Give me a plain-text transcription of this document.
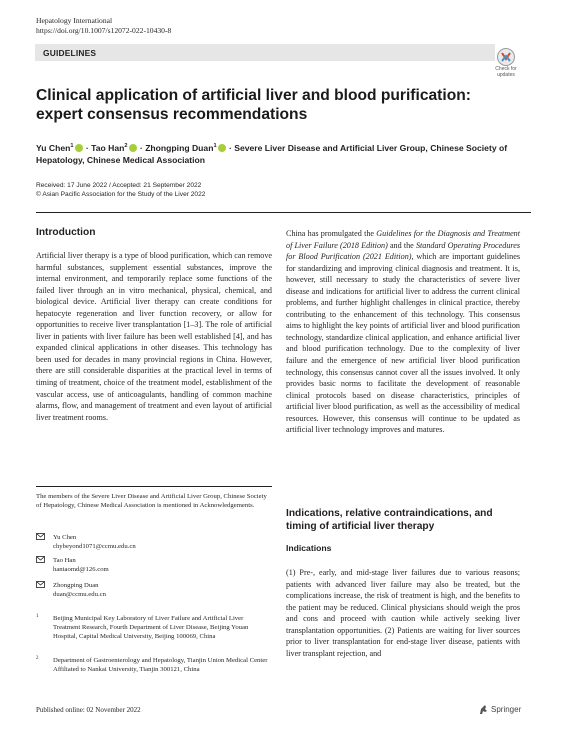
Hepatology International
https://doi.org/10.1007/s12072-022-10430-8
GUIDELINES
Check for updates
Clinical application of artificial liver and blood purification: expert consensus recommendations
Yu Chen$^1$ · Tao Han$^2$ · Zhongping Duan$^1$ · Severe Liver Disease and Artificial Liver Group, Chinese Society of Hepatology, Chinese Medical Association
Received: 17 June 2022 / Accepted: 21 September 2022
© Asian Pacific Association for the Study of the Liver 2022
Introduction
Artificial liver therapy is a type of blood purification, which can remove harmful substances, supplement essential substances, improve the internal environment, and temporarily replace some functions of the failed liver through an in vitro mechanical, physical, chemical, and biological device. Artificial liver therapy can create conditions for hepatocyte regeneration and liver function recovery, or allow for opportunities to receive liver transplantation [1–3]. The role of artificial liver in patients with liver failure has been well established [4], and has expanded clinical applications in other diseases. This technology has been used for decades in many provincial regions in China. However, there are still considerable disparities at the practical level in terms of timing of treatment, choice of the treatment model, establishment of the vascular access, use of anticoagulants, handling of common machine alarms, flow, and management of treatment and even layout of artificial liver treatment rooms.
China has promulgated the Guidelines for the Diagnosis and Treatment of Liver Failure (2018 Edition) and the Standard Operating Procedures for Blood Purification (2021 Edition), which are important guidelines for standardizing and improving clinical diagnosis and treatment. It is, however, still necessary to study the characteristics of severe liver disease and indications for artificial liver to address the current clinical problems, and further highlight challenges in clinical practice, thereby contributing to the enhancement of this technology. This consensus aims to highlight the key points of artificial liver and blood purification technology, standardize clinical application, and enhance artificial liver and blood purification technology. Due to the complexity of liver failure and the emergence of new artificial liver blood purification technology, this consensus cannot cover all the issues involved. It only provides basic norms to facilitate the development of reasonable clinical protocols based on disease characteristics, principles of artificial liver blood purification, as well as the accessibility of medical resources. However, this consensus will continue to be updated as artificial liver technology improves and matures.
The members of the Severe Liver Disease and Artificial Liver Group, Chinese Society of Hepatology, Chinese Medical Association is mentioned in Acknowledgements.
Yu Chen
chybeyond1071@ccmu.edu.cn
Tao Han
hantaomd@126.com
Zhongping Duan
duan@ccmu.edu.cn
1 Beijing Municipal Key Laboratory of Liver Failure and Artificial Liver Treatment Research, Fourth Department of Liver Disease, Beijing Youan Hospital, Capital Medical University, Beijing 100069, China
2 Department of Gastroenterology and Hepatology, Tianjin Union Medical Center Affiliated to Nankai University, Tianjin 300121, China
Indications, relative contraindications, and timing of artificial liver therapy
Indications
(1) Pre-, early, and mid-stage liver failures due to various reasons; patients with advanced liver failure may also be treated, but the complications increase, the risk of treatment is high, and the benefits to the patient may be reduced. Clinical physicians should weigh the pros and cons and proceed with caution while actively seeking liver transplantation opportunities. (2) Patients are waiting for liver sources prior to liver transplantation for end-stage liver disease, patients with liver transplant rejection, and
Published online: 02 November 2022	Springer
